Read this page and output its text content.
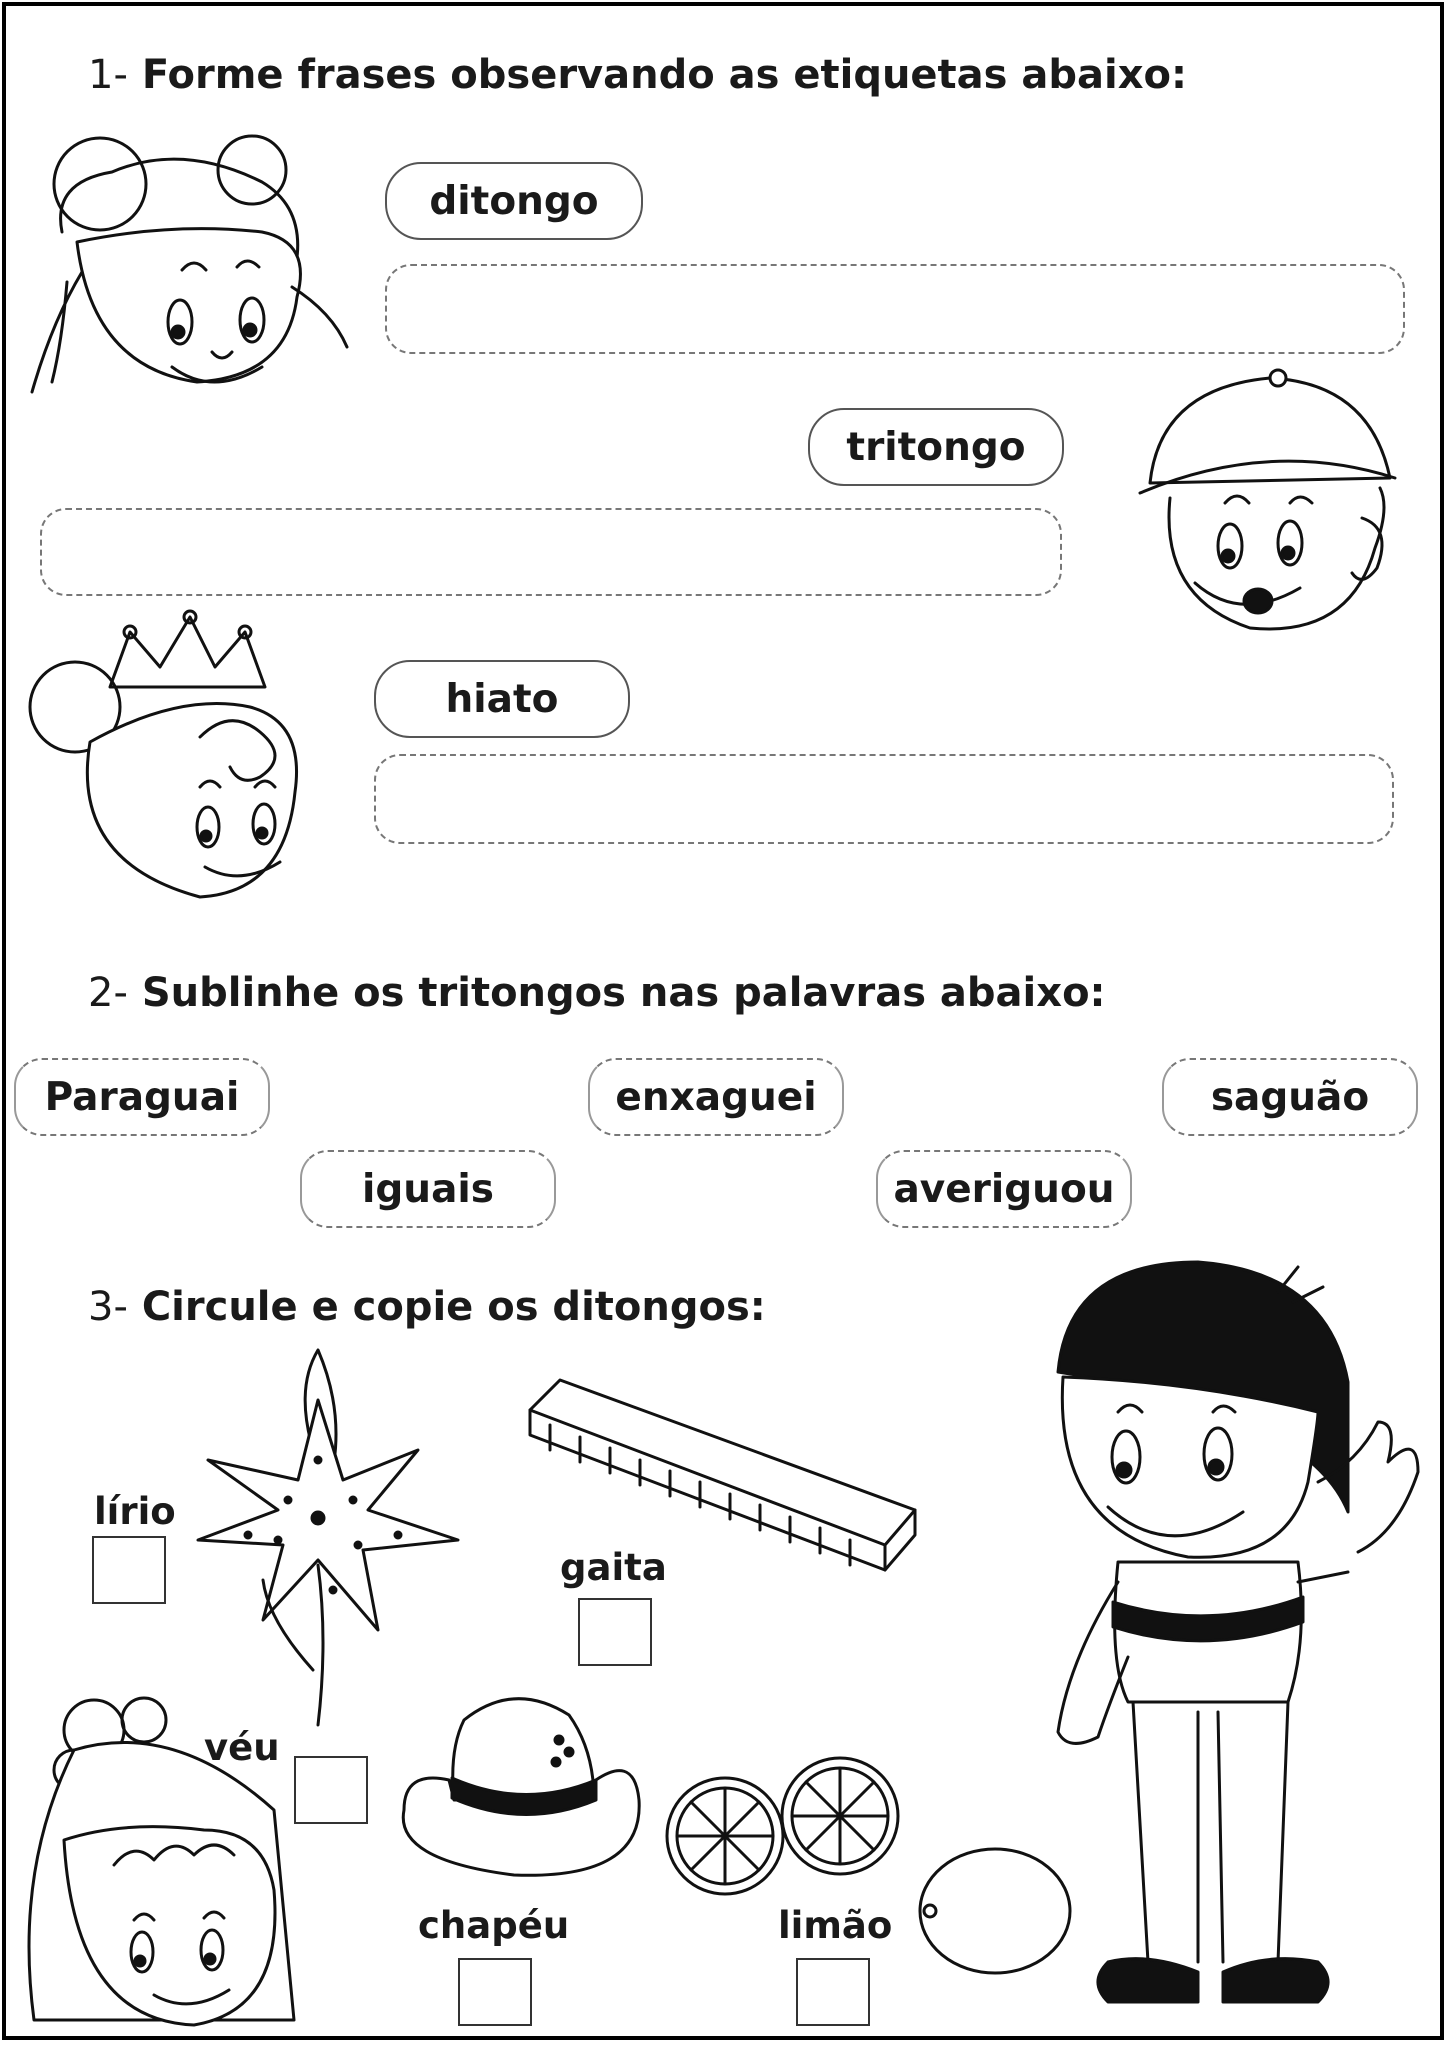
1- Forme frases observando as etiquetas abaixo:
ditongo
tritongo
hiato
2- Sublinhe os tritongos nas palavras abaixo:
Paraguai	enxaguei	saguão
iguais	averiguou
3- Circule e copie os ditongos:
lírio
gaita
véu
chapéu	limão
